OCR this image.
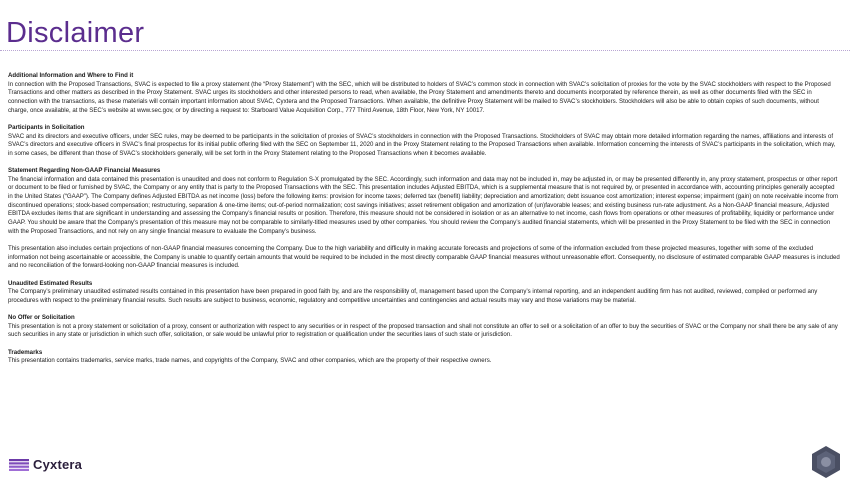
Disclaimer
Additional Information and Where to Find it
In connection with the Proposed Transactions, SVAC is expected to file a proxy statement (the “Proxy Statement”) with the SEC, which will be distributed to holders of SVAC’s common stock in connection with SVAC’s solicitation of proxies for the vote by the SVAC stockholders with respect to the Proposed Transactions and other matters as described in the Proxy Statement. SVAC urges its stockholders and other interested persons to read, when available, the Proxy Statement and amendments thereto and documents incorporated by reference therein, as well as other documents filed with the SEC in connection with the transactions, as these materials will contain important information about SVAC, Cyxtera and the Proposed Transactions. When available, the definitive Proxy Statement will be mailed to SVAC’s stockholders. Stockholders will also be able to obtain copies of such documents, without charge, once available, at the SEC’s website at www.sec.gov, or by directing a request to: Starboard Value Acquisition Corp., 777 Third Avenue, 18th Floor, New York, NY 10017.
Participants in Solicitation
SVAC and its directors and executive officers, under SEC rules, may be deemed to be participants in the solicitation of proxies of SVAC’s stockholders in connection with the Proposed Transactions. Stockholders of SVAC may obtain more detailed information regarding the names, affiliations and interests of SVAC’s directors and executive officers in SVAC’s final prospectus for its initial public offering filed with the SEC on September 11, 2020 and in the Proxy Statement relating to the Proposed Transactions when available. Information concerning the interests of SVAC’s participants in the solicitation, which may, in some cases, be different than those of SVAC’s stockholders generally, will be set forth in the Proxy Statement relating to the Proposed Transactions when it becomes available.
Statement Regarding Non-GAAP Financial Measures
The financial information and data contained this presentation is unaudited and does not conform to Regulation S-X promulgated by the SEC. Accordingly, such information and data may not be included in, may be adjusted in, or may be presented differently in, any proxy statement, prospectus or other report or document to be filed or furnished by SVAC, the Company or any entity that is party to the Proposed Transactions with the SEC. This presentation includes Adjusted EBITDA, which is a supplemental measure that is not required by, or presented in accordance with, accounting principles generally accepted in the United States (“GAAP”). The Company defines Adjusted EBITDA as net income (loss) before the following items: provision for income taxes; deferred tax (benefit) liability; depreciation and amortization; debt issuance cost amortization; interest expense; impairment (gain) on note receivable income from discontinued operations; stock-based compensation; restructuring, separation & one-time items; out-of-period normalization; cost savings initiatives; asset retirement obligation and amortization of (un)favorable leases; and existing business run-rate adjustment. As a Non-GAAP financial measure, Adjusted EBITDA excludes items that are significant in understanding and assessing the Company’s financial results or position. Therefore, this measure should not be considered in isolation or as an alternative to net income, cash flows from operations or other measures of profitability, liquidity or performance under GAAP. You should be aware that the Company’s presentation of this measure may not be comparable to similarly-titled measures used by other companies. You should review the Company’s audited financial statements, which will be presented in the Proxy Statement to be filed with the SEC in connection with the Proposed Transactions, and not rely on any single financial measure to evaluate the Company’s business.
This presentation also includes certain projections of non-GAAP financial measures concerning the Company. Due to the high variability and difficulty in making accurate forecasts and projections of some of the information excluded from these projected measures, together with some of the excluded information not being ascertainable or accessible, the Company is unable to quantify certain amounts that would be required to be included in the most directly comparable GAAP financial measures without unreasonable effort. Consequently, no disclosure of estimated comparable GAAP measures is included and no reconciliation of the forward-looking non-GAAP financial measures is included.
Unaudited Estimated Results
The Company’s preliminary unaudited estimated results contained in this presentation have been prepared in good faith by, and are the responsibility of, management based upon the Company’s internal reporting, and an independent auditing firm has not audited, reviewed, compiled or performed any procedures with respect to the preliminary financial results. Such results are subject to business, economic, regulatory and competitive uncertainties and contingencies and actual results may vary and those variations may be material.
No Offer or Solicitation
This presentation is not a proxy statement or solicitation of a proxy, consent or authorization with respect to any securities or in respect of the proposed transaction and shall not constitute an offer to sell or a solicitation of an offer to buy the securities of SVAC or the Company nor shall there be any sale of any such securities in any state or jurisdiction in which such offer, solicitation, or sale would be unlawful prior to registration or qualification under the securities laws of such state or jurisdiction.
Trademarks
This presentation contains trademarks, service marks, trade names, and copyrights of the Company, SVAC and other companies, which are the property of their respective owners.
Cyxtera
